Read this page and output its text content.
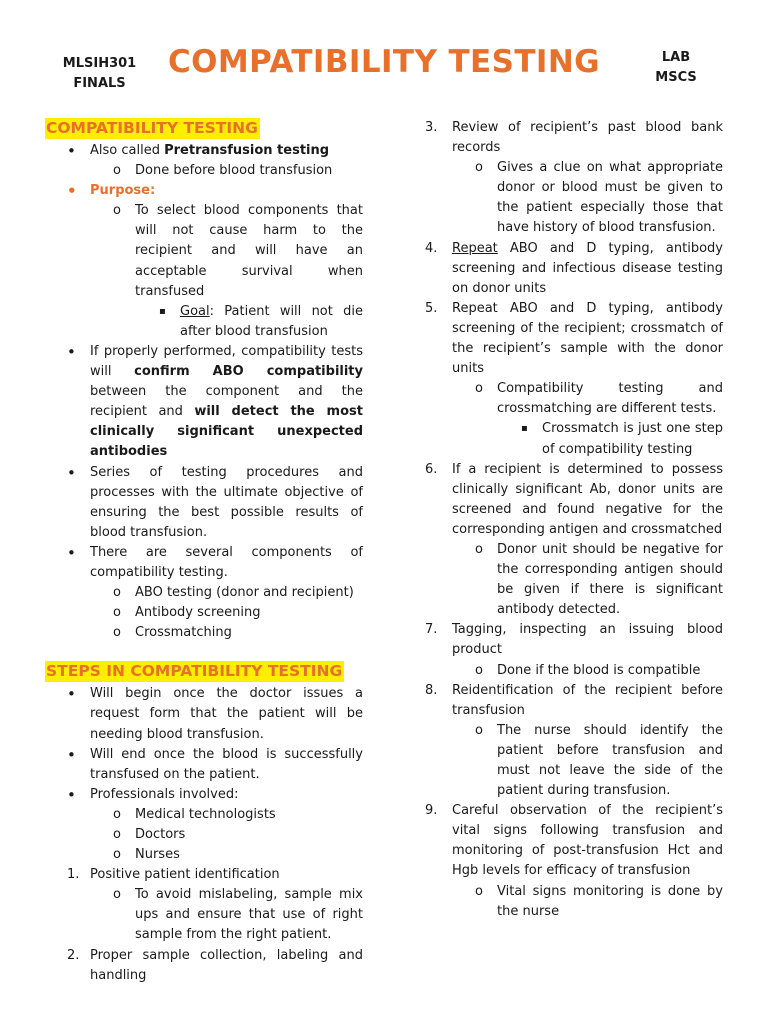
MLSIH301
FINALS
COMPATIBILITY TESTING	LAB
MSCS
COMPATIBILITY TESTING
• Also called Pretransfusion testing
o Done before blood transfusion
• Purpose:
o To select blood components that will not cause harm to the recipient and will have an acceptable survival when transfused
▪ Goal: Patient will not die after blood transfusion
• If properly performed, compatibility tests will confirm ABO compatibility between the component and the recipient and will detect the most clinically significant unexpected antibodies
• Series of testing procedures and processes with the ultimate objective of ensuring the best possible results of blood transfusion.
• There are several components of compatibility testing.
o ABO testing (donor and recipient)
o Antibody screening
o Crossmatching
STEPS IN COMPATIBILITY TESTING
• Will begin once the doctor issues a request form that the patient will be needing blood transfusion.
• Will end once the blood is successfully transfused on the patient.
• Professionals involved:
o Medical technologists
o Doctors
o Nurses
1. Positive patient identification
o To avoid mislabeling, sample mix ups and ensure that use of right sample from the right patient.
2. Proper sample collection, labeling and handling
3. Review of recipient’s past blood bank records
o Gives a clue on what appropriate donor or blood must be given to the patient especially those that have history of blood transfusion.
4. Repeat ABO and D typing, antibody screening and infectious disease testing on donor units
5. Repeat ABO and D typing, antibody screening of the recipient; crossmatch of the recipient’s sample with the donor units
o Compatibility testing and crossmatching are different tests.
▪ Crossmatch is just one step of compatibility testing
6. If a recipient is determined to possess clinically significant Ab, donor units are screened and found negative for the corresponding antigen and crossmatched
o Donor unit should be negative for the corresponding antigen should be given if there is significant antibody detected.
7. Tagging, inspecting an issuing blood product
o Done if the blood is compatible
8. Reidentification of the recipient before transfusion
o The nurse should identify the patient before transfusion and must not leave the side of the patient during transfusion.
9. Careful observation of the recipient’s vital signs following transfusion and monitoring of post-transfusion Hct and Hgb levels for efficacy of transfusion
o Vital signs monitoring is done by the nurse
